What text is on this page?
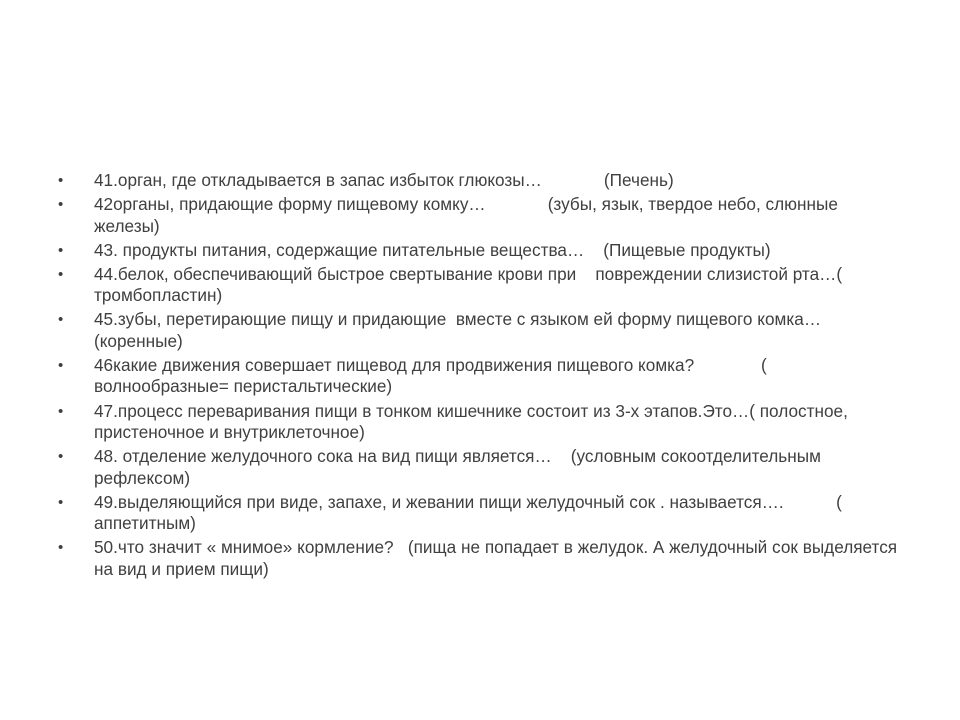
•	41.орган, где откладывается в запас избыток глюкозы…             (Печень)
•	42органы, придающие форму пищевому комку…             (зубы, язык, твердое небо, слюнные железы)
•	43. продукты питания, содержащие питательные вещества…    (Пищевые продукты)
•	44.белок, обеспечивающий быстрое свертывание крови при    повреждении слизистой рта…( тромбопластин)
•	45.зубы, перетирающие пищу и придающие  вместе с языком ей форму пищевого комка…(коренные)
•	46какие движения совершает пищевод для продвижения пищевого комка?              ( волнообразные= перистальтические)
•	47.процесс переваривания пищи в тонком кишечнике состоит из 3-х этапов.Это…( полостное, пристеночное и внутриклеточное)
•	48. отделение желудочного сока на вид пищи является…    (условным сокоотделительным рефлексом)
•	49.выделяющийся при виде, запахе, и жевании пищи желудочный сок . называется….           ( аппетитным)
•	50.что значит « мнимое» кормление?   (пища не попадает в желудок. А желудочный сок выделяется на вид и прием пищи)
